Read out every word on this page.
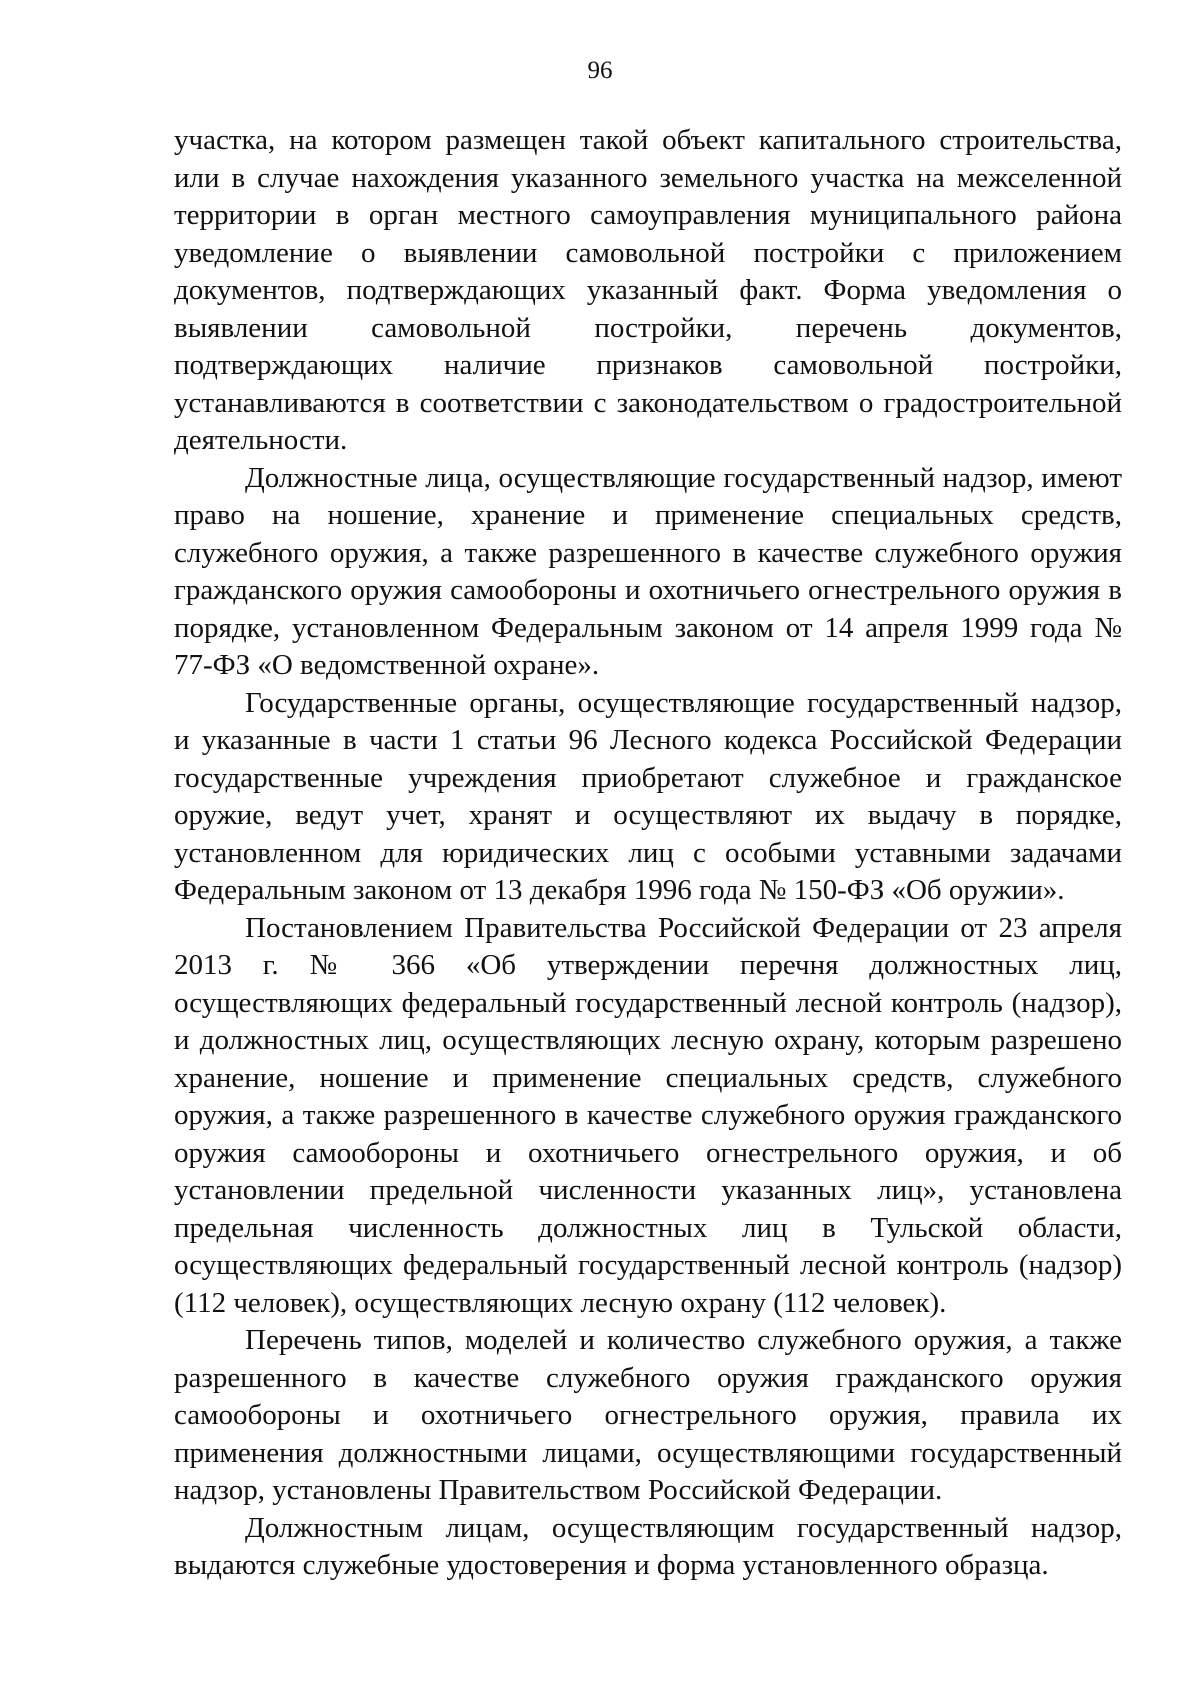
96

участка, на котором размещен такой объект капитального строительства, или в случае нахождения указанного земельного участка на межселенной территории в орган местного самоуправления муниципального района уведомление о выявлении самовольной постройки с приложением документов, подтверждающих указанный факт. Форма уведомления о выявлении самовольной постройки, перечень документов, подтверждающих наличие признаков самовольной постройки, устанавливаются в соответствии с законодательством о градостроительной деятельности.

Должностные лица, осуществляющие государственный надзор, имеют право на ношение, хранение и применение специальных средств, служебного оружия, а также разрешенного в качестве служебного оружия гражданского оружия самообороны и охотничьего огнестрельного оружия в порядке, установленном Федеральным законом от 14 апреля 1999 года № 77-ФЗ «О ведомственной охране».

Государственные органы, осуществляющие государственный надзор, и указанные в части 1 статьи 96 Лесного кодекса Российской Федерации государственные учреждения приобретают служебное и гражданское оружие, ведут учет, хранят и осуществляют их выдачу в порядке, установленном для юридических лиц с особыми уставными задачами Федеральным законом от 13 декабря 1996 года № 150-ФЗ «Об оружии».

Постановлением Правительства Российской Федерации от 23 апреля 2013 г. № 366 «Об утверждении перечня должностных лиц, осуществляющих федеральный государственный лесной контроль (надзор), и должностных лиц, осуществляющих лесную охрану, которым разрешено хранение, ношение и применение специальных средств, служебного оружия, а также разрешенного в качестве служебного оружия гражданского оружия самообороны и охотничьего огнестрельного оружия, и об установлении предельной численности указанных лиц», установлена предельная численность должностных лиц в Тульской области, осуществляющих федеральный государственный лесной контроль (надзор) (112 человек), осуществляющих лесную охрану (112 человек).

Перечень типов, моделей и количество служебного оружия, а также разрешенного в качестве служебного оружия гражданского оружия самообороны и охотничьего огнестрельного оружия, правила их применения должностными лицами, осуществляющими государственный надзор, установлены Правительством Российской Федерации.

Должностным лицам, осуществляющим государственный надзор, выдаются служебные удостоверения и форма установленного образца.
